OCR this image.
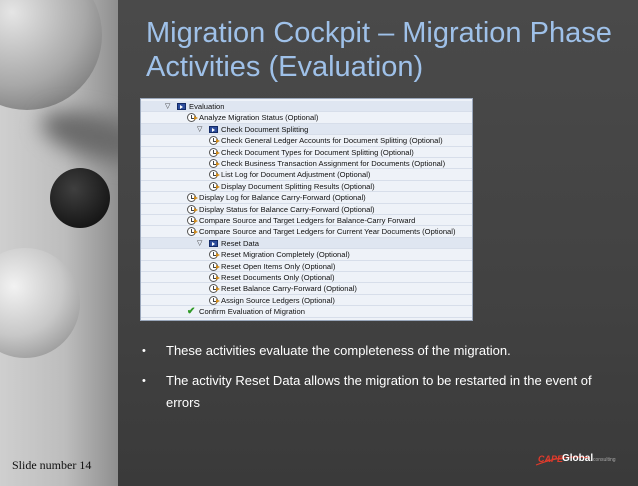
Migration Cockpit – Migration Phase Activities (Evaluation)
▽ Evaluation
Analyze Migration Status (Optional)
▽ Check Document Splitting
Check General Ledger Accounts for Document Splitting (Optional)
Check Document Types for Document Splitting (Optional)
Check Business Transaction Assignment for Documents (Optional)
List Log for Document Adjustment (Optional)
Display Document Splitting Results (Optional)
Display Log for Balance Carry-Forward (Optional)
Display Status for Balance Carry-Forward (Optional)
Compare Source and Target Ledgers for Balance-Carry Forward
Compare Source and Target Ledgers for Current Year Documents (Optional)
▽ Reset Data
Reset Migration Completely (Optional)
Reset Open Items Only (Optional)
Reset Documents Only (Optional)
Reset Balance Carry-Forward (Optional)
Assign Source Ledgers (Optional)
✔ Confirm Evaluation of Migration
• These activities evaluate the completeness of the migration.
• The activity Reset Data allows the migration to be restarted in the event of errors
Slide number 14	CAPE
Global consulting
